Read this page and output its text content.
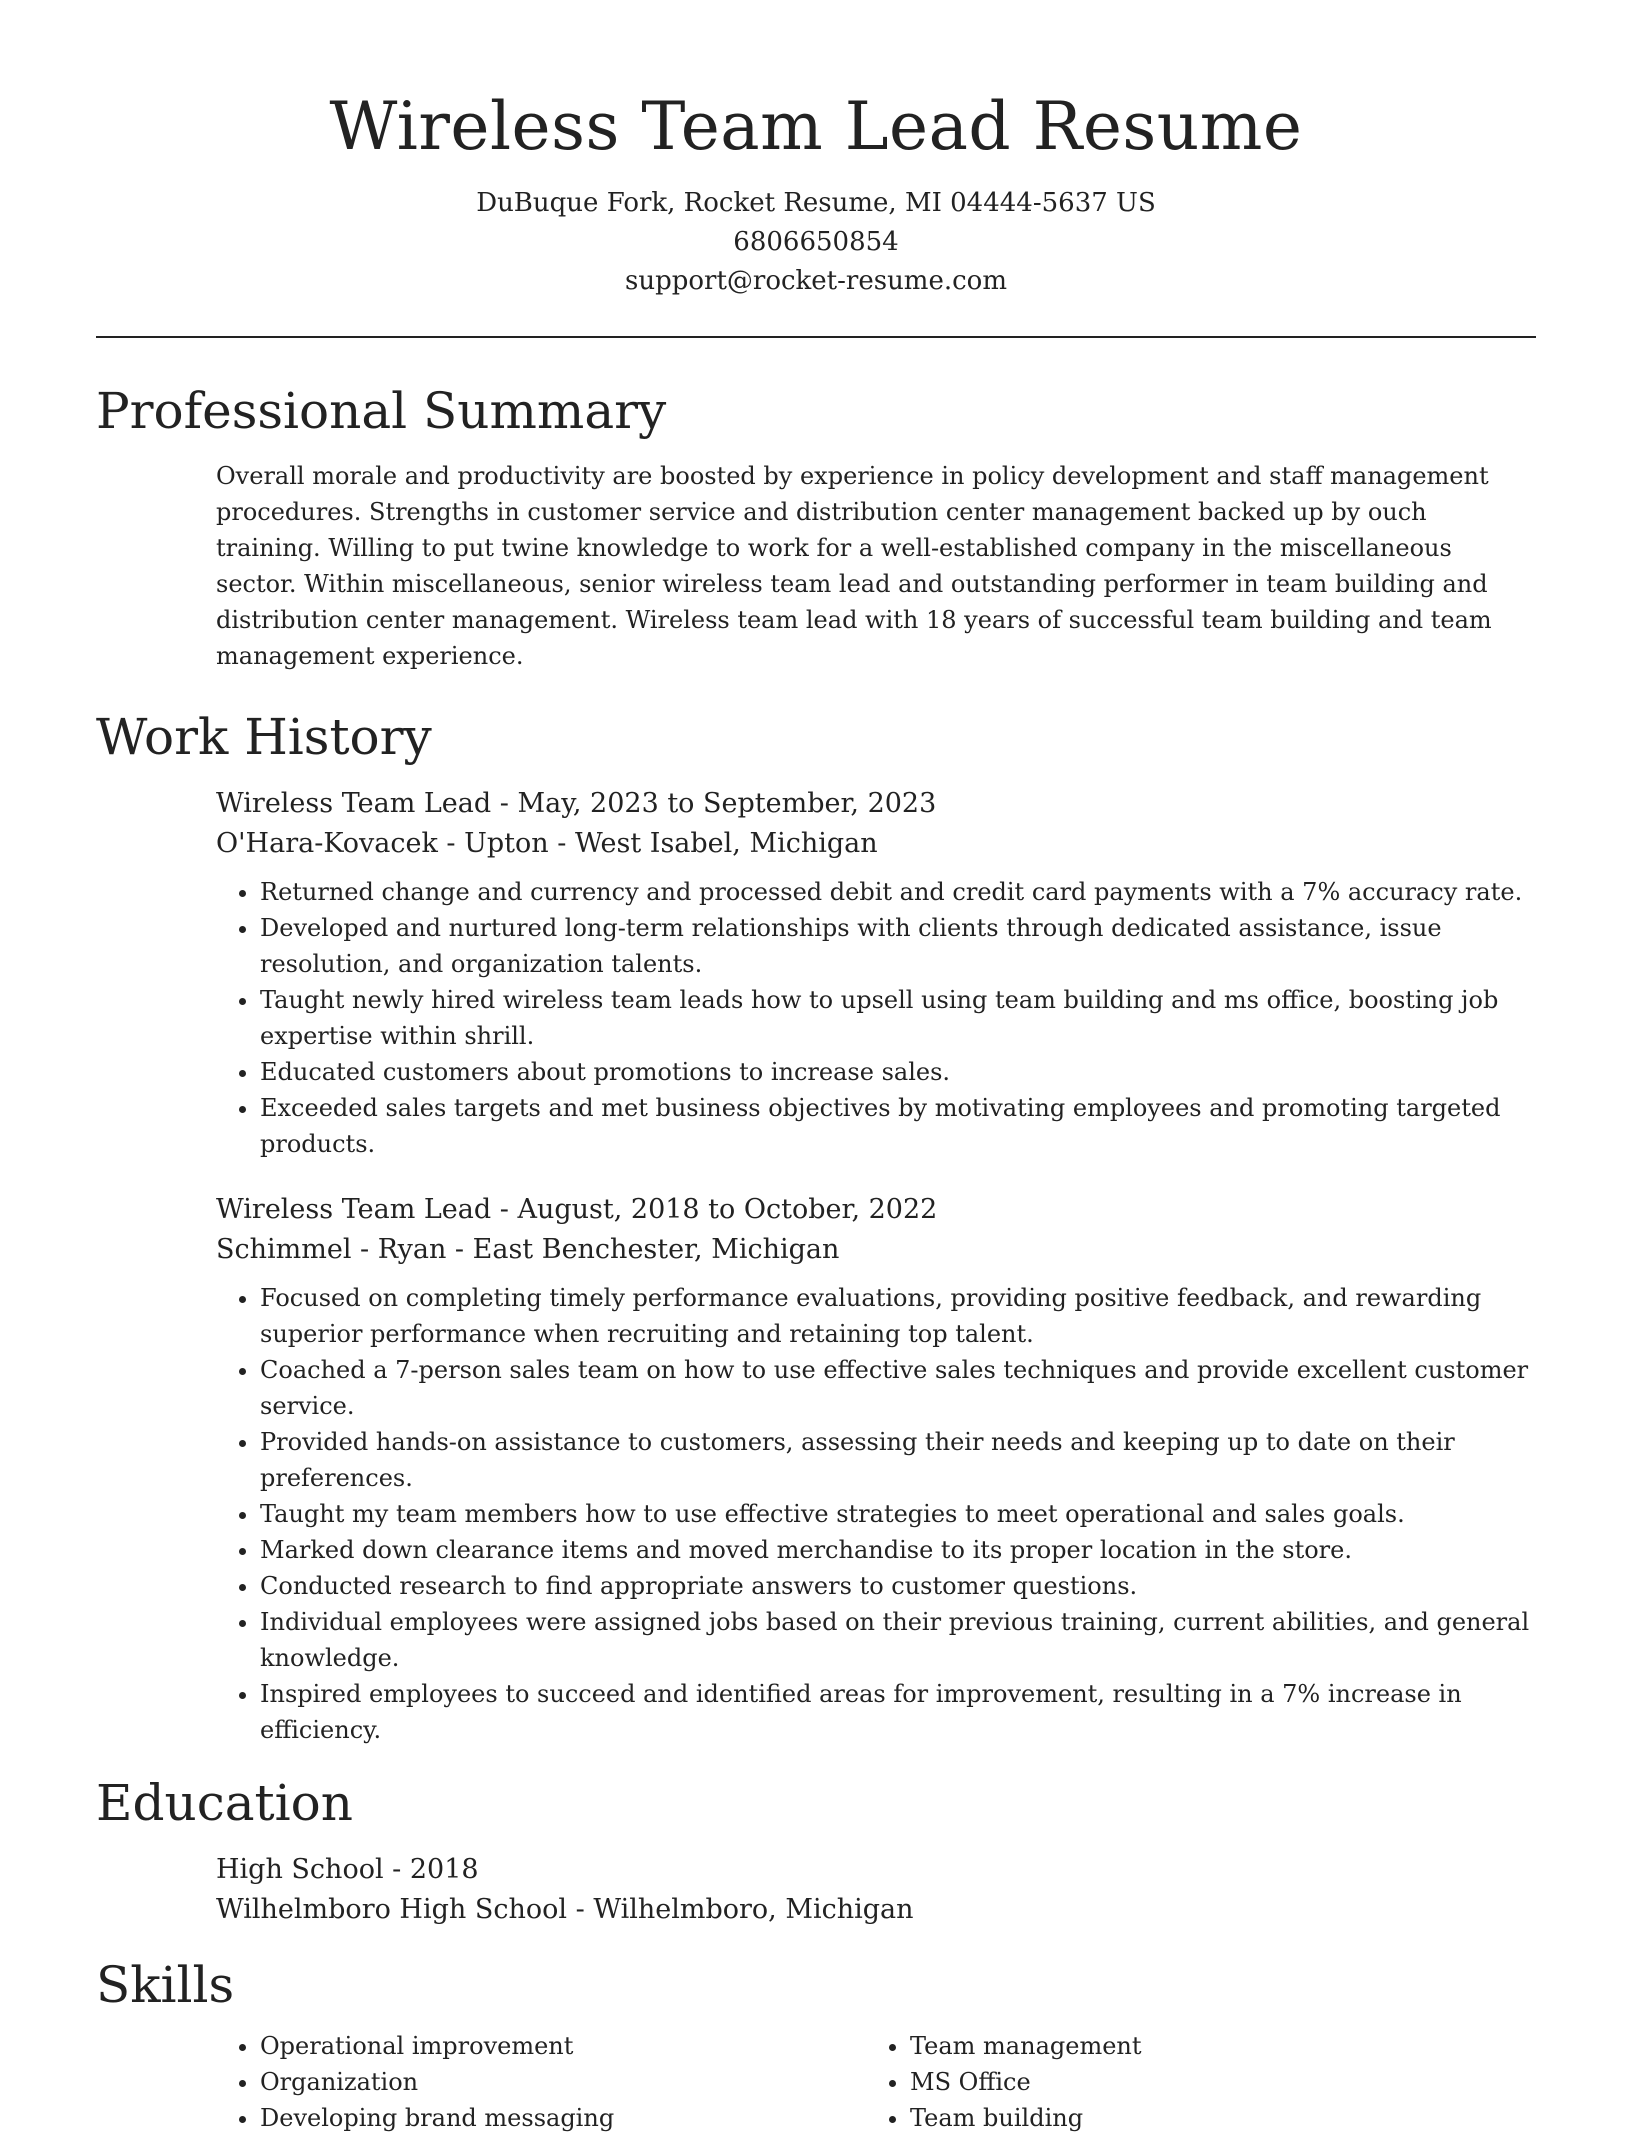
Wireless Team Lead Resume
DuBuque Fork, Rocket Resume, MI 04444-5637 US
6806650854
support@rocket-resume.com
Professional Summary

Overall morale and productivity are boosted by experience in policy development and staff management procedures. Strengths in customer service and distribution center management backed up by ouch training. Willing to put twine knowledge to work for a well-established company in the miscellaneous sector. Within miscellaneous, senior wireless team lead and outstanding performer in team building and distribution center management. Wireless team lead with 18 years of successful team building and team management experience.

Work History
Wireless Team Lead - May, 2023 to September, 2023
O'Hara-Kovacek - Upton - West Isabel, Michigan
• Returned change and currency and processed debit and credit card payments with a 7% accuracy rate.
• Developed and nurtured long-term relationships with clients through dedicated assistance, issue resolution, and organization talents.
• Taught newly hired wireless team leads how to upsell using team building and ms office, boosting job expertise within shrill.
• Educated customers about promotions to increase sales.
• Exceeded sales targets and met business objectives by motivating employees and promoting targeted products.
Wireless Team Lead - August, 2018 to October, 2022
Schimmel - Ryan - East Benchester, Michigan
• Focused on completing timely performance evaluations, providing positive feedback, and rewarding superior performance when recruiting and retaining top talent.
• Coached a 7-person sales team on how to use effective sales techniques and provide excellent customer service.
• Provided hands-on assistance to customers, assessing their needs and keeping up to date on their preferences.
• Taught my team members how to use effective strategies to meet operational and sales goals.
• Marked down clearance items and moved merchandise to its proper location in the store.
• Conducted research to find appropriate answers to customer questions.
• Individual employees were assigned jobs based on their previous training, current abilities, and general knowledge.
• Inspired employees to succeed and identified areas for improvement, resulting in a 7% increase in efficiency.
Education
High School - 2018
Wilhelmboro High School - Wilhelmboro, Michigan
Skills
• Operational improvement
• Organization
• Developing brand messaging
• Team management
• MS Office
• Team building
